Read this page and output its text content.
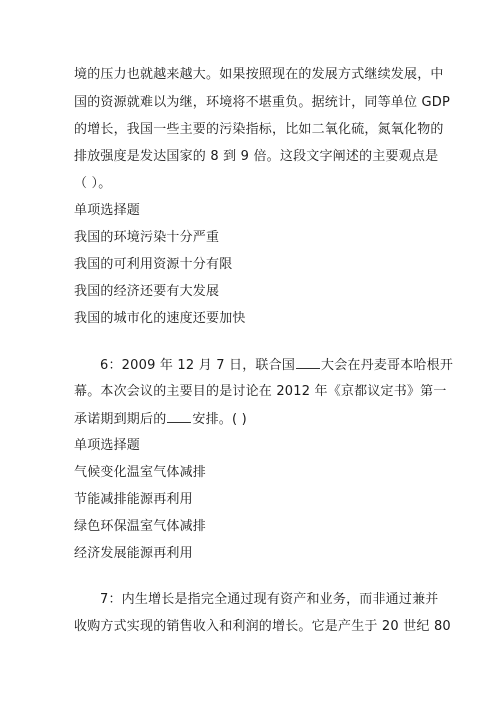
境的压力也就越来越大。如果按照现在的发展方式继续发展，中
国的资源就难以为继，环境将不堪重负。据统计，同等单位 GDP
的增长，我国一些主要的污染指标，比如二氧化硫，氮氧化物的
排放强度是发达国家的 8 到 9 倍。这段文字阐述的主要观点是
（ ）。
单项选择题
我国的环境污染十分严重
我国的可利用资源十分有限
我国的经济还要有大发展
我国的城市化的速度还要加快
6：2009 年 12 月 7 日，联合国 大会在丹麦哥本哈根开
幕。本次会议的主要目的是讨论在 2012 年《京都议定书》第一
承诺期到期后的 安排。( )
单项选择题
气候变化温室气体减排
节能减排能源再利用
绿色环保温室气体减排
经济发展能源再利用
7：内生增长是指完全通过现有资产和业务，而非通过兼并
收购方式实现的销售收入和利润的增长。它是产生于 20 世纪 80
